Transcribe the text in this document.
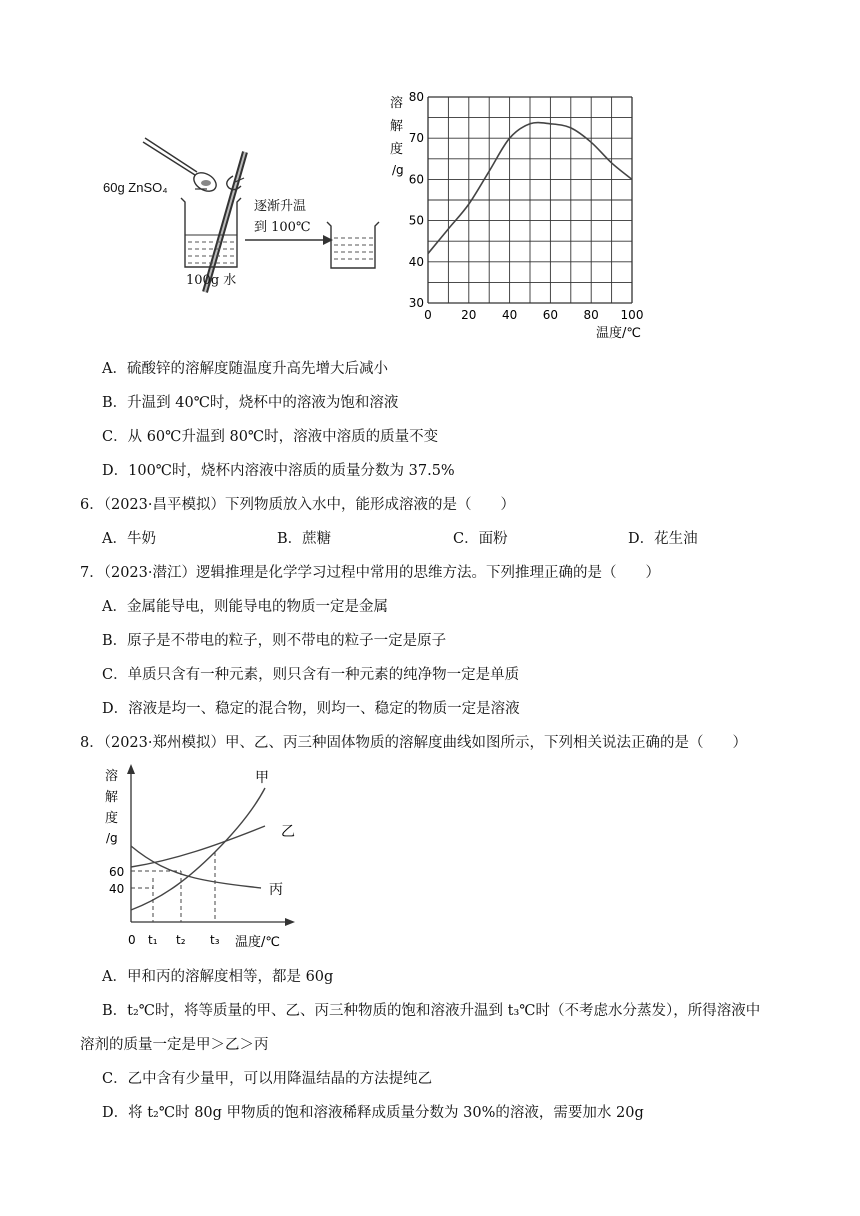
60g ZnSO₄
逐渐升温
到 100℃
100g 水
溶
解
度
/g
0 20 40 60 80 100
30
40
50
60
70
80
温度/℃
A．硫酸锌的溶解度随温度升高先增大后减小
B．升温到 40℃时，烧杯中的溶液为饱和溶液
C．从 60℃升温到 80℃时，溶液中溶质的质量不变
D．100℃时，烧杯内溶液中溶质的质量分数为 37.5%
6．（2023·昌平模拟）下列物质放入水中，能形成溶液的是（　　）
A．牛奶	B．蔗糖	C．面粉	D．花生油
7．（2023·潜江）逻辑推理是化学学习过程中常用的思维方法。下列推理正确的是（　　）
A．金属能导电，则能导电的物质一定是金属
B．原子是不带电的粒子，则不带电的粒子一定是原子
C．单质只含有一种元素，则只含有一种元素的纯净物一定是单质
D．溶液是均一、稳定的混合物，则均一、稳定的物质一定是溶液
8．（2023·郑州模拟）甲、乙、丙三种固体物质的溶解度曲线如图所示，下列相关说法正确的是（　　）
溶
解
度
/g
60
40
0 t₁ t₂ t₃ 温度/℃
甲
乙
丙
A．甲和丙的溶解度相等，都是 60g
B．t₂℃时，将等质量的甲、乙、丙三种物质的饱和溶液升温到 t₃℃时（不考虑水分蒸发），所得溶液中
溶剂的质量一定是甲＞乙＞丙
C．乙中含有少量甲，可以用降温结晶的方法提纯乙
D．将 t₂℃时 80g 甲物质的饱和溶液稀释成质量分数为 30%的溶液，需要加水 20g
